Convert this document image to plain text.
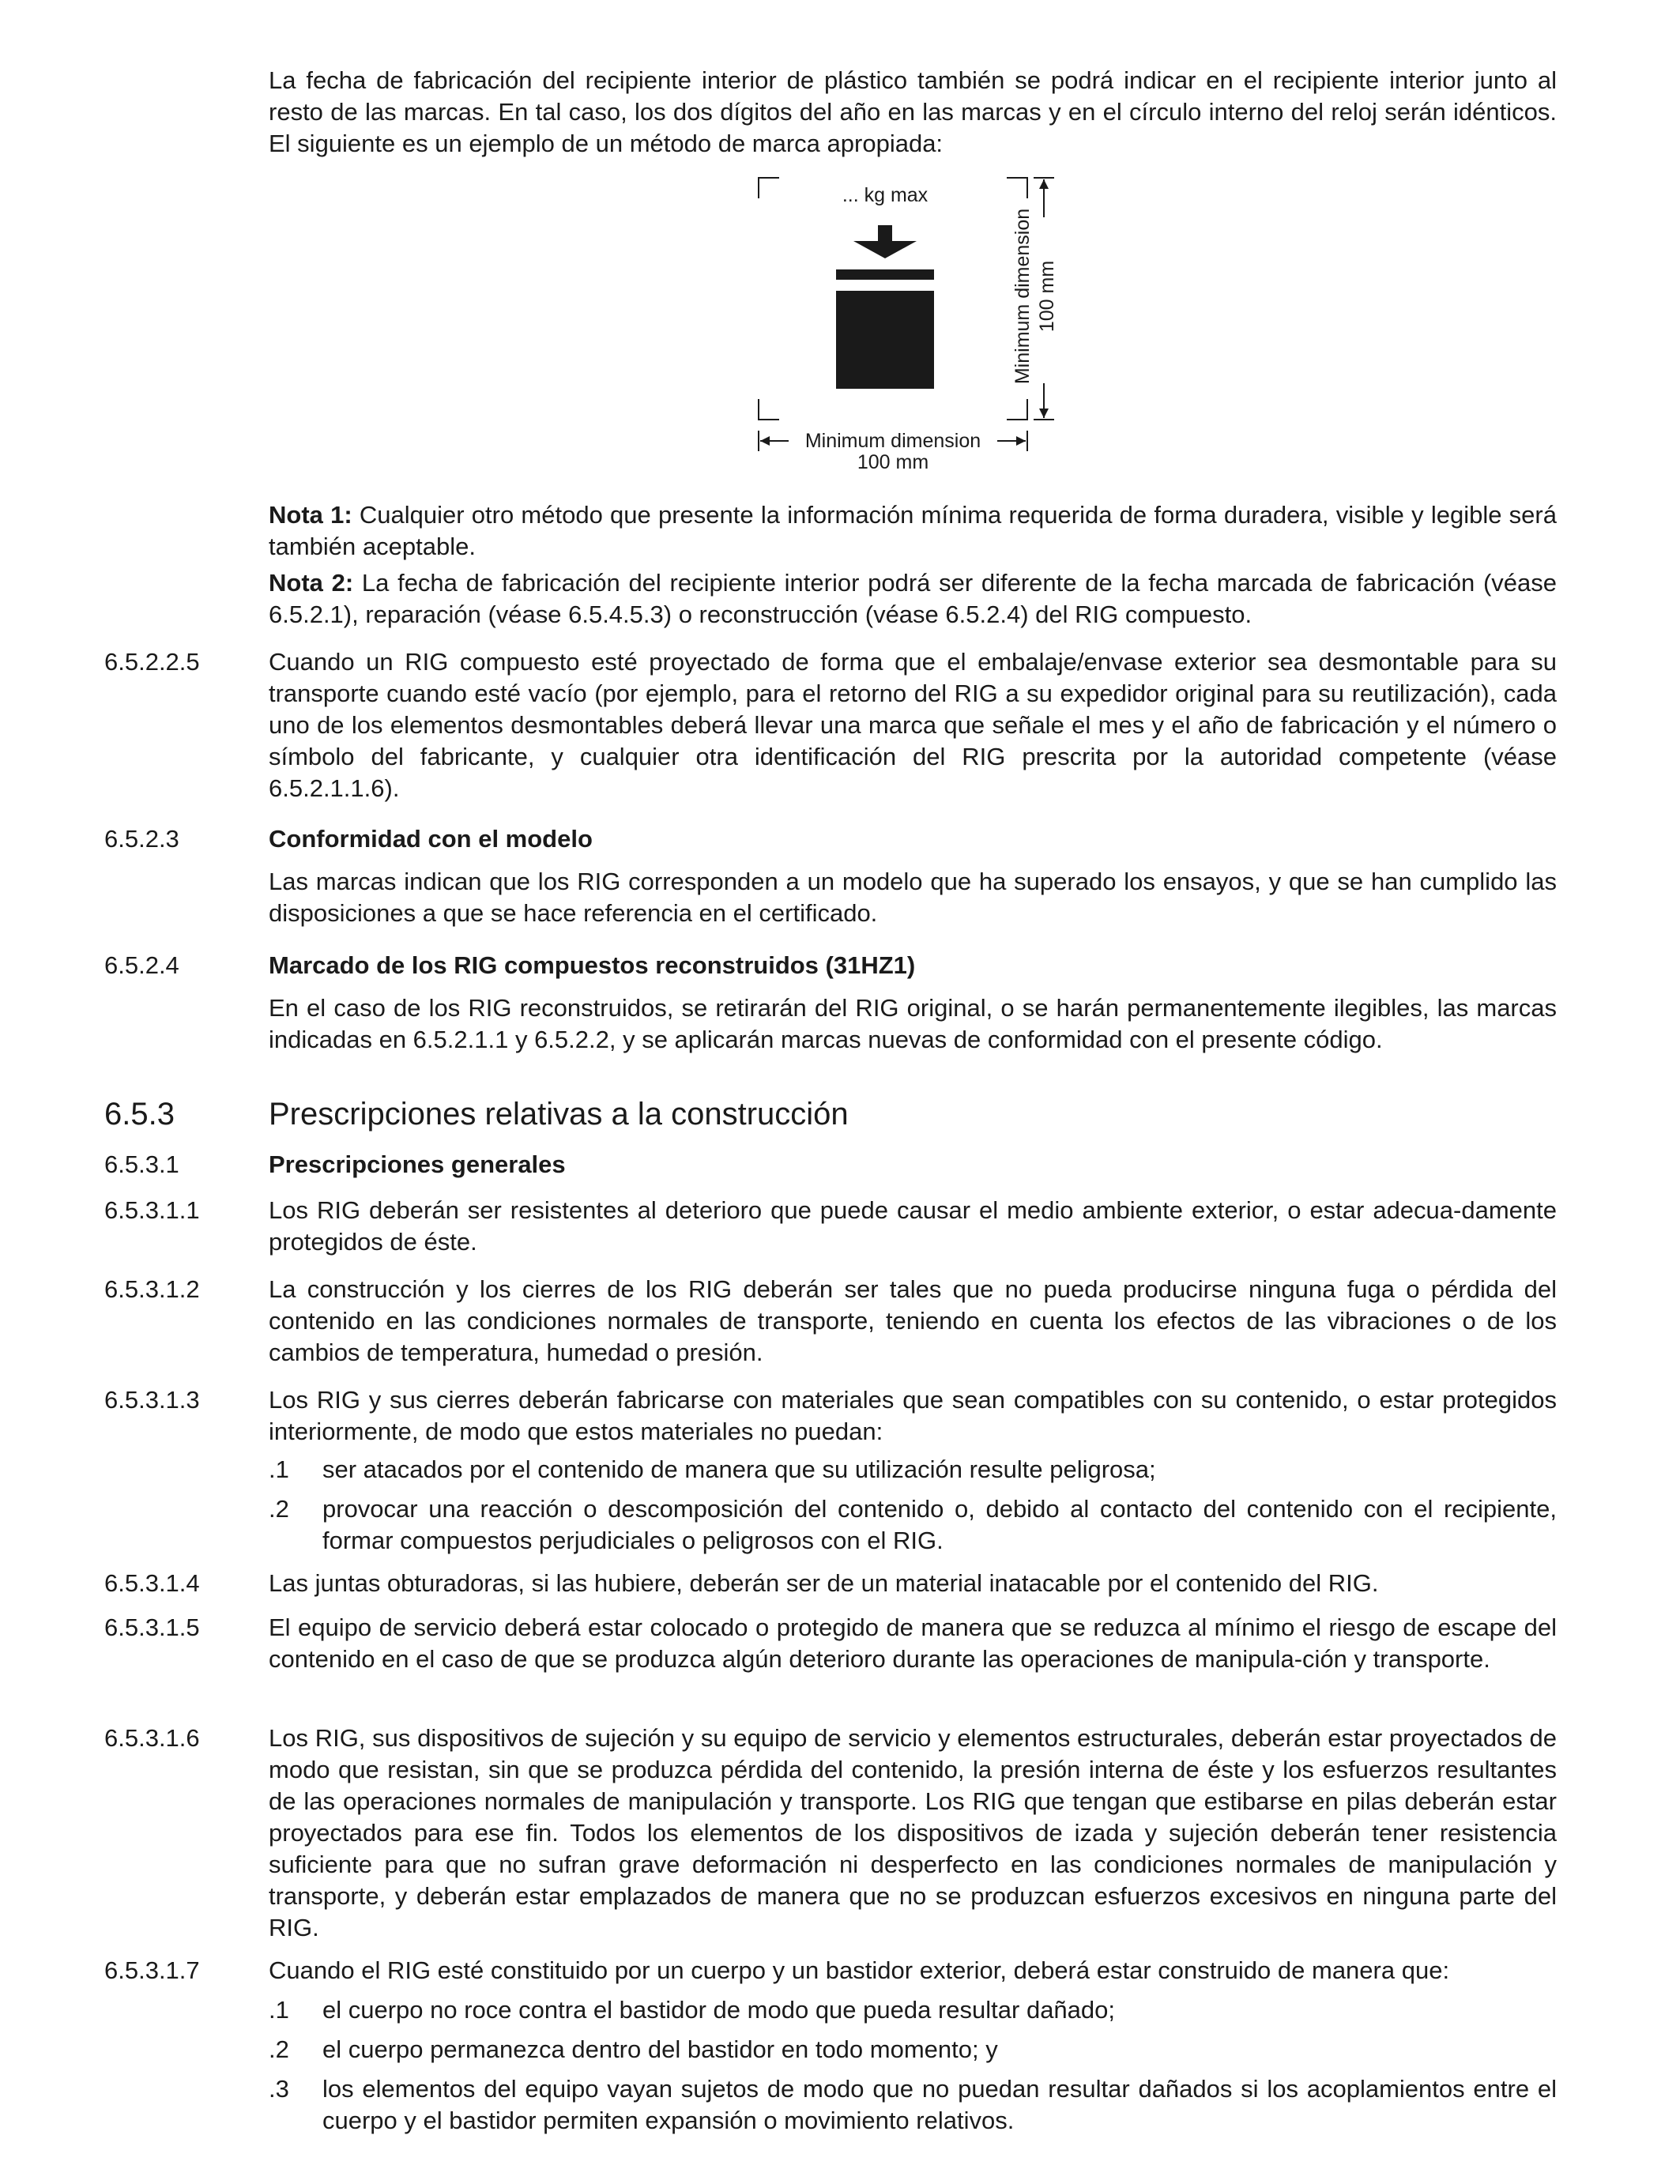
La fecha de fabricación del recipiente interior de plástico también se podrá indicar en el recipiente interior junto al resto de las marcas. En tal caso, los dos dígitos del año en las marcas y en el círculo interno del reloj serán idénticos. El siguiente es un ejemplo de un método de marca apropiada:

... kg max
Minimum dimension
100 mm
Minimum dimension 100 mm

Nota 1: Cualquier otro método que presente la información mínima requerida de forma duradera, visible y legible será también aceptable.

Nota 2: La fecha de fabricación del recipiente interior podrá ser diferente de la fecha marcada de fabricación (véase 6.5.2.1), reparación (véase 6.5.4.5.3) o reconstrucción (véase 6.5.2.4) del RIG compuesto.

6.5.2.2.5	Cuando un RIG compuesto esté proyectado de forma que el embalaje/envase exterior sea desmontable para su transporte cuando esté vacío (por ejemplo, para el retorno del RIG a su expedidor original para su reutilización), cada uno de los elementos desmontables deberá llevar una marca que señale el mes y el año de fabricación y el número o símbolo del fabricante, y cualquier otra identificación del RIG prescrita por la autoridad competente (véase 6.5.2.1.1.6).

6.5.2.3	Conformidad con el modelo

Las marcas indican que los RIG corresponden a un modelo que ha superado los ensayos, y que se han cumplido las disposiciones a que se hace referencia en el certificado.

6.5.2.4	Marcado de los RIG compuestos reconstruidos (31HZ1)

En el caso de los RIG reconstruidos, se retirarán del RIG original, o se harán permanentemente ilegibles, las marcas indicadas en 6.5.2.1.1 y 6.5.2.2, y se aplicarán marcas nuevas de conformidad con el presente código.

6.5.3	Prescripciones relativas a la construcción
6.5.3.1	Prescripciones generales
6.5.3.1.1	Los RIG deberán ser resistentes al deterioro que puede causar el medio ambiente exterior, o estar adecua-damente protegidos de éste.

6.5.3.1.2	La construcción y los cierres de los RIG deberán ser tales que no pueda producirse ninguna fuga o pérdida del contenido en las condiciones normales de transporte, teniendo en cuenta los efectos de las vibraciones o de los cambios de temperatura, humedad o presión.

6.5.3.1.3	Los RIG y sus cierres deberán fabricarse con materiales que sean compatibles con su contenido, o estar protegidos interiormente, de modo que estos materiales no puedan:

.1 ser atacados por el contenido de manera que su utilización resulte peligrosa;
.2 provocar una reacción o descomposición del contenido o, debido al contacto del contenido con el recipiente, formar compuestos perjudiciales o peligrosos con el RIG.
6.5.3.1.4	Las juntas obturadoras, si las hubiere, deberán ser de un material inatacable por el contenido del RIG.

6.5.3.1.5	El equipo de servicio deberá estar colocado o protegido de manera que se reduzca al mínimo el riesgo de escape del contenido en el caso de que se produzca algún deterioro durante las operaciones de manipula-ción y transporte.

6.5.3.1.6	Los RIG, sus dispositivos de sujeción y su equipo de servicio y elementos estructurales, deberán estar proyectados de modo que resistan, sin que se produzca pérdida del contenido, la presión interna de éste y los esfuerzos resultantes de las operaciones normales de manipulación y transporte. Los RIG que tengan que estibarse en pilas deberán estar proyectados para ese fin. Todos los elementos de los dispositivos de izada y sujeción deberán tener resistencia suficiente para que no sufran grave deformación ni desperfecto en las condiciones normales de manipulación y transporte, y deberán estar emplazados de manera que no se produzcan esfuerzos excesivos en ninguna parte del RIG.

6.5.3.1.7	Cuando el RIG esté constituido por un cuerpo y un bastidor exterior, deberá estar construido de manera que:

.1 el cuerpo no roce contra el bastidor de modo que pueda resultar dañado;
.2 el cuerpo permanezca dentro del bastidor en todo momento; y
.3 los elementos del equipo vayan sujetos de modo que no puedan resultar dañados si los acoplamientos entre el cuerpo y el bastidor permiten expansión o movimiento relativos.
